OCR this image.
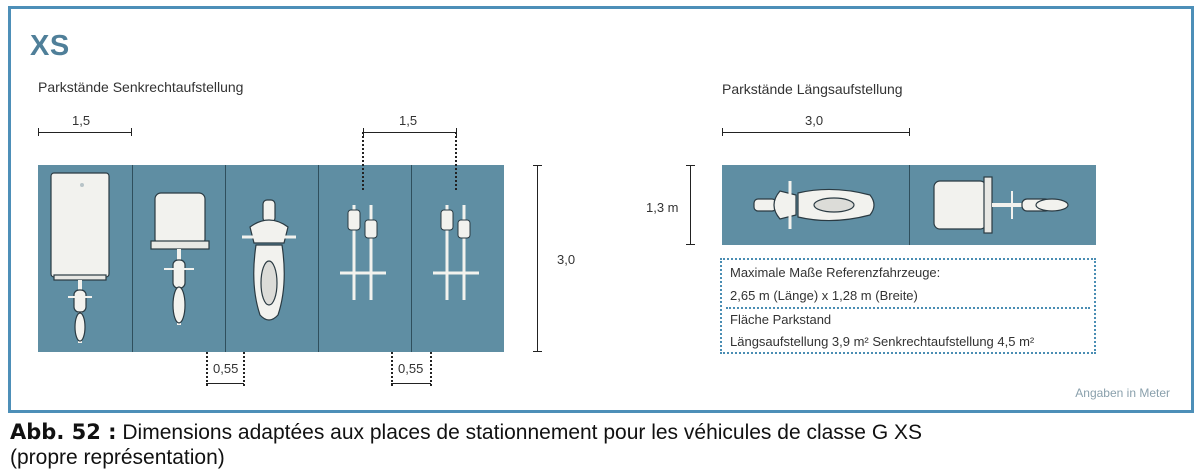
XS
Parkstände Senkrechtaufstellung
1,5	1,5
3,0
0,55	0,55
Parkstände Längsaufstellung
3,0
1,3 m
Maximale Maße Referenzfahrzeuge:
2,65 m (Länge) x 1,28 m (Breite)
Fläche Parkstand
Längsaufstellung 3,9 m² Senkrechtaufstellung 4,5 m²
Angaben in Meter
Abb. 52 : Dimensions adaptées aux places de stationnement pour les véhicules de classe G XS
(propre représentation)
